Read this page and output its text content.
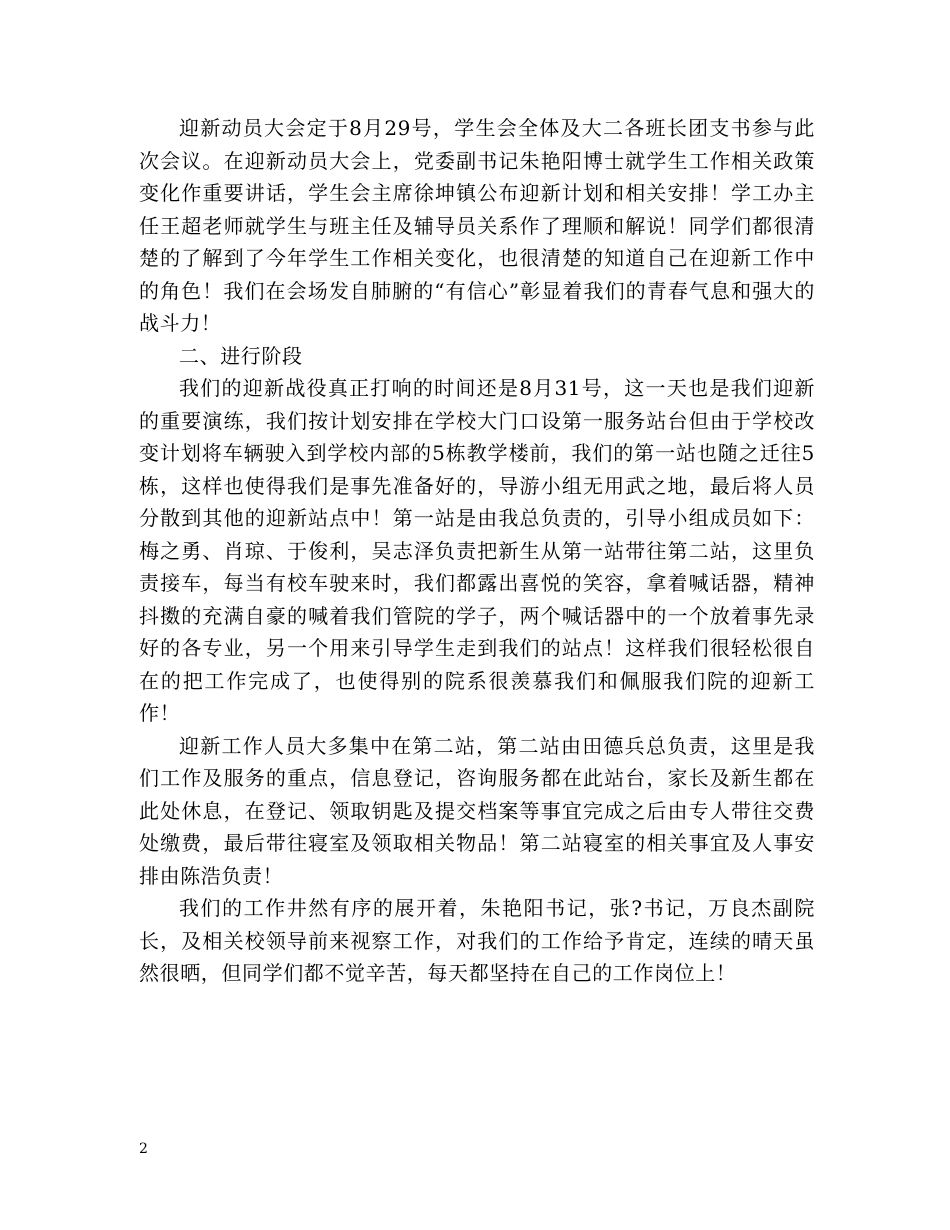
迎新动员大会定于8月29号，学生会全体及大二各班长团支书参与此次会议。在迎新动员大会上，党委副书记朱艳阳博士就学生工作相关政策变化作重要讲话，学生会主席徐坤镇公布迎新计划和相关安排！学工办主任王超老师就学生与班主任及辅导员关系作了理顺和解说！同学们都很清楚的了解到了今年学生工作相关变化，也很清楚的知道自己在迎新工作中的角色！我们在会场发自肺腑的“有信心”彰显着我们的青春气息和强大的战斗力！

二、进行阶段

我们的迎新战役真正打响的时间还是8月31号，这一天也是我们迎新的重要演练，我们按计划安排在学校大门口设第一服务站台但由于学校改变计划将车辆驶入到学校内部的5栋教学楼前，我们的第一站也随之迁往5栋，这样也使得我们是事先准备好的，导游小组无用武之地，最后将人员分散到其他的迎新站点中！第一站是由我总负责的，引导小组成员如下：梅之勇、肖琼、于俊利，吴志泽负责把新生从第一站带往第二站，这里负责接车，每当有校车驶来时，我们都露出喜悦的笑容，拿着喊话器，精神抖擞的充满自豪的喊着我们管院的学子，两个喊话器中的一个放着事先录好的各专业，另一个用来引导学生走到我们的站点！这样我们很轻松很自在的把工作完成了，也使得别的院系很羡慕我们和佩服我们院的迎新工作！

迎新工作人员大多集中在第二站，第二站由田德兵总负责，这里是我们工作及服务的重点，信息登记，咨询服务都在此站台，家长及新生都在此处休息，在登记、领取钥匙及提交档案等事宜完成之后由专人带往交费处缴费，最后带往寝室及领取相关物品！第二站寝室的相关事宜及人事安排由陈浩负责！

我们的工作井然有序的展开着，朱艳阳书记，张?书记，万良杰副院长，及相关校领导前来视察工作，对我们的工作给予肯定，连续的晴天虽然很晒，但同学们都不觉辛苦，每天都坚持在自己的工作岗位上！

2
